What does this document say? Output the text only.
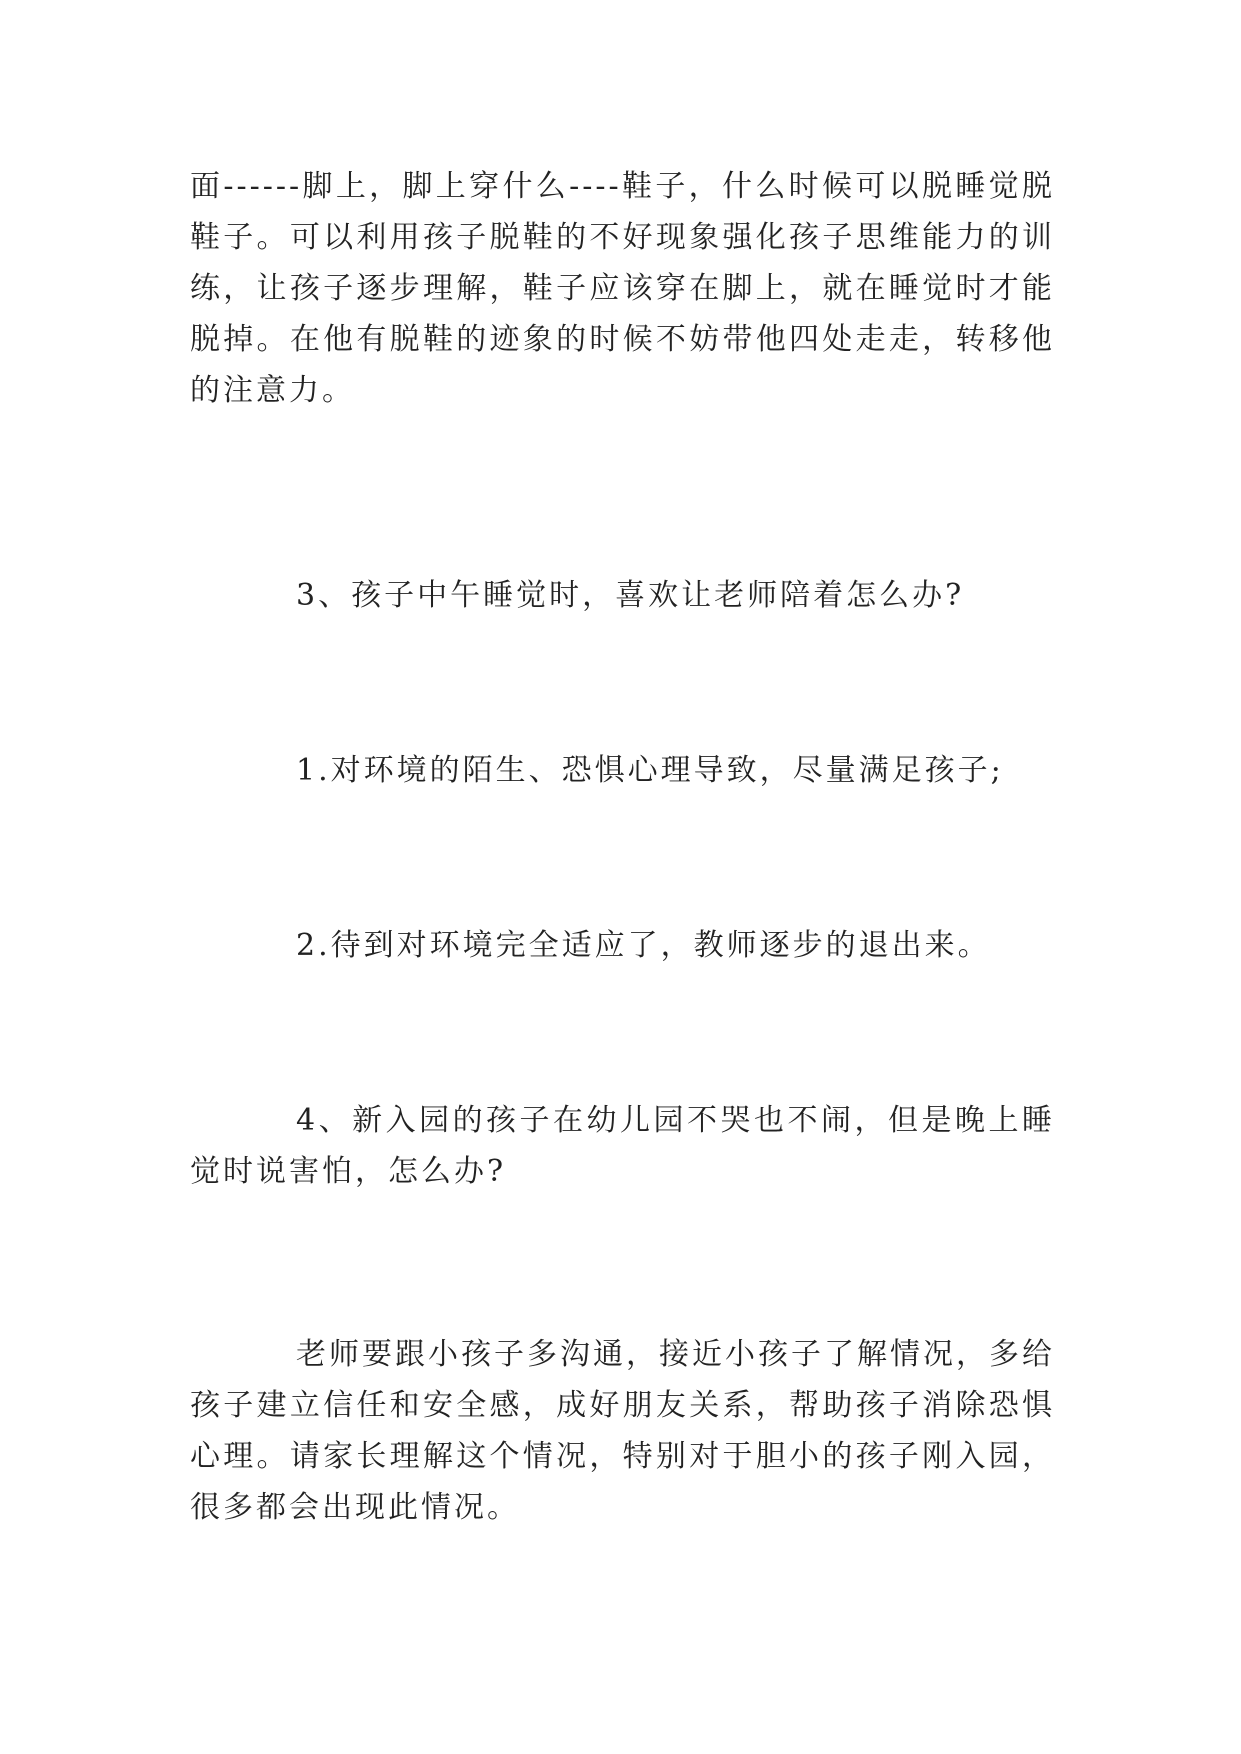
面------脚上，脚上穿什么----鞋子，什么时候可以脱睡觉脱鞋子。可以利用孩子脱鞋的不好现象强化孩子思维能力的训练，让孩子逐步理解，鞋子应该穿在脚上，就在睡觉时才能脱掉。在他有脱鞋的迹象的时候不妨带他四处走走，转移他的注意力。

3、孩子中午睡觉时，喜欢让老师陪着怎么办?

1.对环境的陌生、恐惧心理导致，尽量满足孩子;

2.待到对环境完全适应了，教师逐步的退出来。

4、新入园的孩子在幼儿园不哭也不闹，但是晚上睡觉时说害怕，怎么办?

老师要跟小孩子多沟通，接近小孩子了解情况，多给孩子建立信任和安全感，成好朋友关系，帮助孩子消除恐惧心理。请家长理解这个情况，特别对于胆小的孩子刚入园，很多都会出现此情况。
